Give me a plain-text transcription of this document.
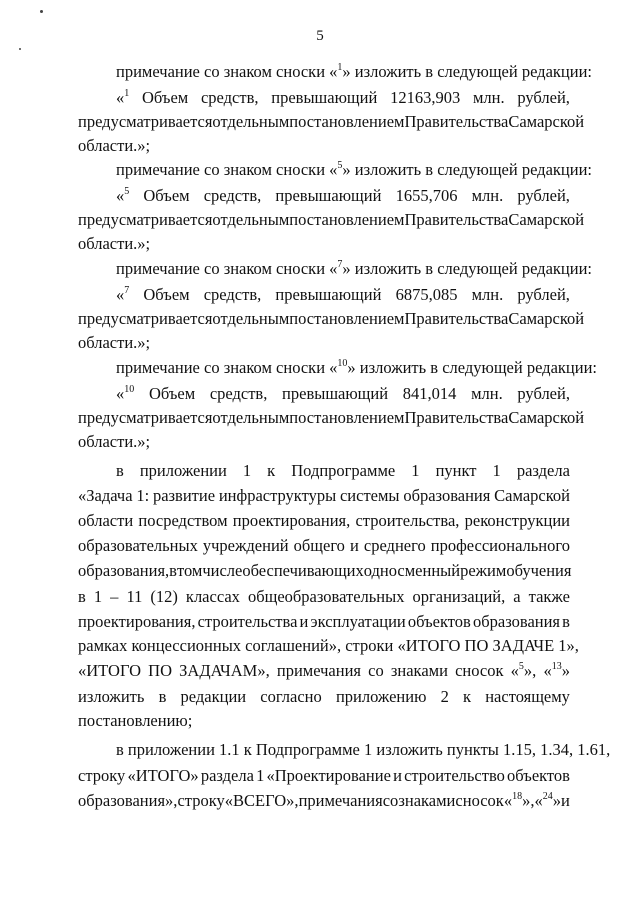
5
примечание со знаком сноски «$^1$» изложить в следующей редакции:
«$^1$ Объем средств, превышающий 12163,903 млн. рублей,
предусматривается отдельным постановлением Правительства Самарской
области.»;
примечание со знаком сноски «$^5$» изложить в следующей редакции:
«$^5$ Объем средств, превышающий 1655,706 млн. рублей,
предусматривается отдельным постановлением Правительства Самарской
области.»;
примечание со знаком сноски «$^7$» изложить в следующей редакции:
«$^7$ Объем средств, превышающий 6875,085 млн. рублей,
предусматривается отдельным постановлением Правительства Самарской
области.»;
примечание со знаком сноски «$^{10}$» изложить в следующей редакции:
«$^{10}$ Объем средств, превышающий 841,014 млн. рублей,
предусматривается отдельным постановлением Правительства Самарской
области.»;
в приложении 1 к Подпрограмме 1 пункт 1 раздела
«Задача 1: развитие инфраструктуры системы образования Самарской
области посредством проектирования, строительства, реконструкции
образовательных учреждений общего и среднего профессионального
образования, в том числе обеспечивающих односменный режим обучения
в 1 – 11 (12) классах общеобразовательных организаций, а также
проектирования, строительства и эксплуатации объектов образования в
рамках концессионных соглашений», строки «ИТОГО ПО ЗАДАЧЕ 1»,
«ИТОГО ПО ЗАДАЧАМ», примечания со знаками сносок «$^5$», «$^{13}$»
изложить в редакции согласно приложению 2 к настоящему
постановлению;
в приложении 1.1 к Подпрограмме 1 изложить пункты 1.15, 1.34, 1.61,
строку «ИТОГО» раздела 1 «Проектирование и строительство объектов
образования», строку «ВСЕГО», примечания со знаками сносок «$^{18}$», «$^{24}$» и
